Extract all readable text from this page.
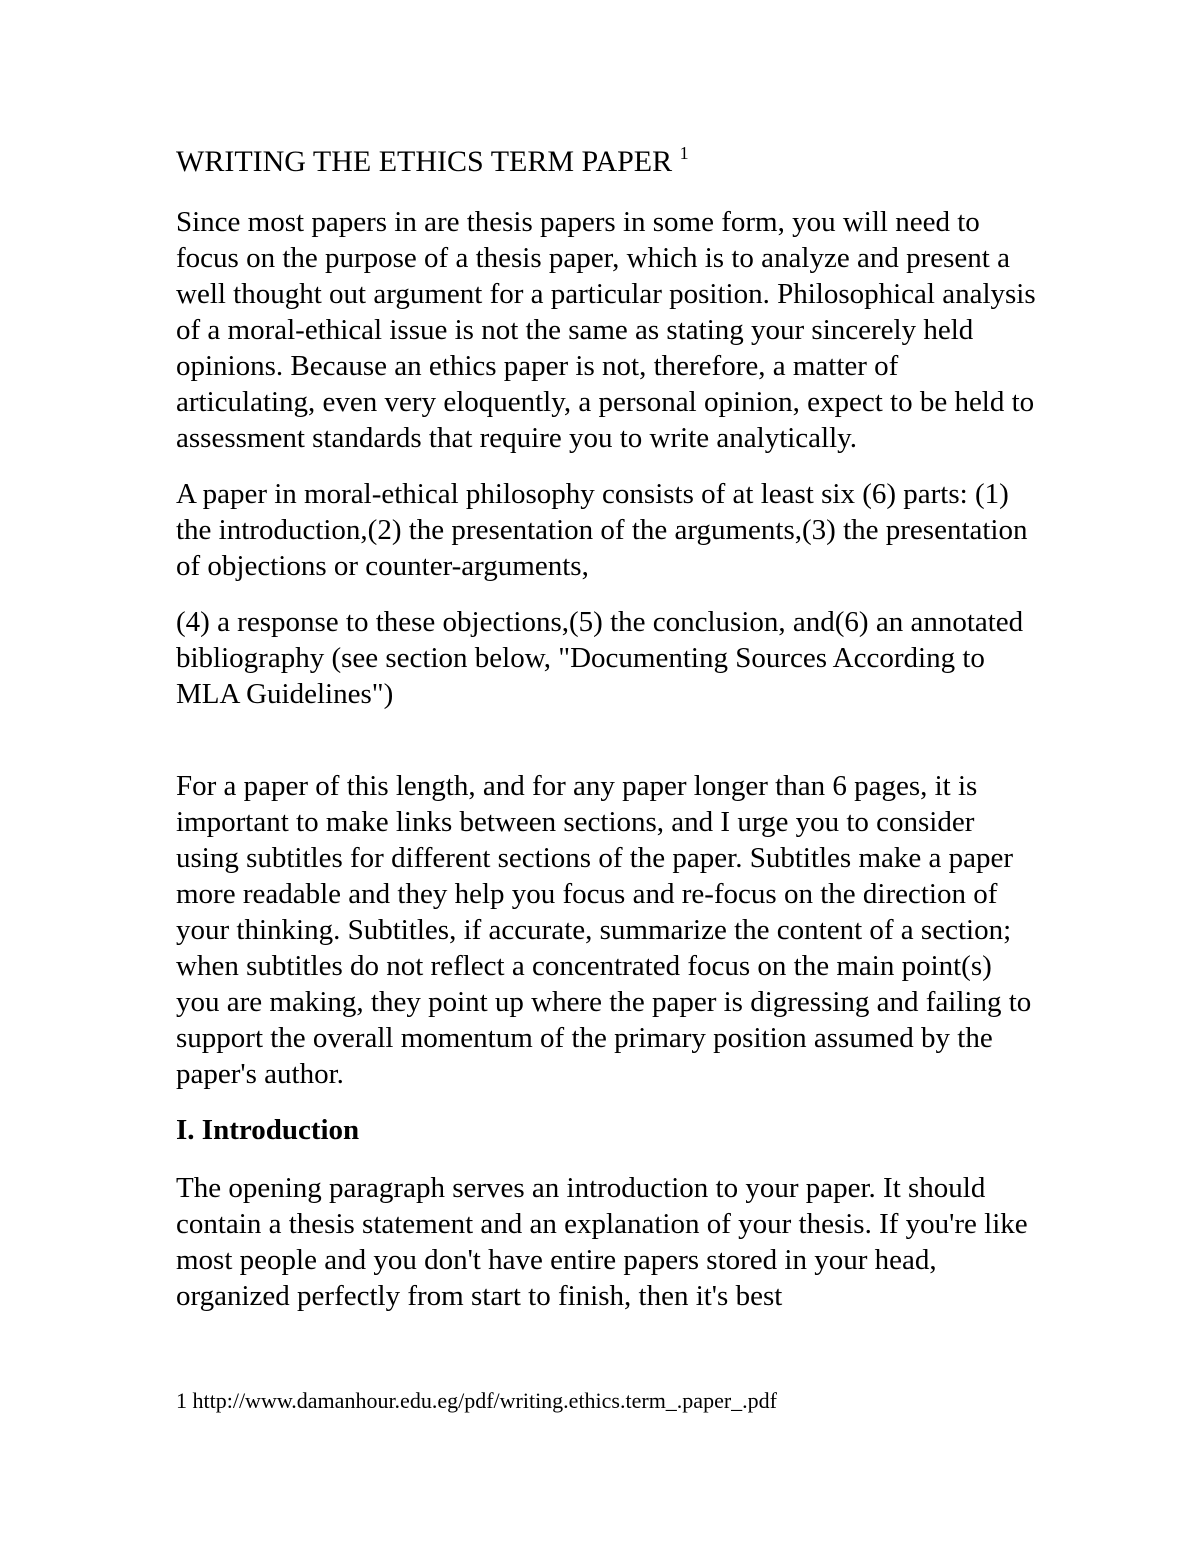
WRITING THE ETHICS TERM PAPER $^1$

Since most papers in are thesis papers in some form, you will need to focus on the purpose of a thesis paper, which is to analyze and present a well thought out argument for a particular position. Philosophical analysis of a moral-ethical issue is not the same as stating your sincerely held opinions. Because an ethics paper is not, therefore, a matter of articulating, even very eloquently, a personal opinion, expect to be held to assessment standards that require you to write analytically.

A paper in moral-ethical philosophy consists of at least six (6) parts: (1) the introduction,(2) the presentation of the arguments,(3) the presentation of objections or counter-arguments,

(4) a response to these objections,(5) the conclusion, and(6) an annotated bibliography (see section below, "Documenting Sources According to MLA Guidelines")

For a paper of this length, and for any paper longer than 6 pages, it is important to make links between sections, and I urge you to consider using subtitles for different sections of the paper. Subtitles make a paper more readable and they help you focus and re-focus on the direction of your thinking. Subtitles, if accurate, summarize the content of a section; when subtitles do not reflect a concentrated focus on the main point(s) you are making, they point up where the paper is digressing and failing to support the overall momentum of the primary position assumed by the paper's author.

I. Introduction

The opening paragraph serves an introduction to your paper. It should contain a thesis statement and an explanation of your thesis. If you're like most people and you don't have entire papers stored in your head, organized perfectly from start to finish, then it's best

1 http://www.damanhour.edu.eg/pdf/writing.ethics.term_.paper_.pdf
